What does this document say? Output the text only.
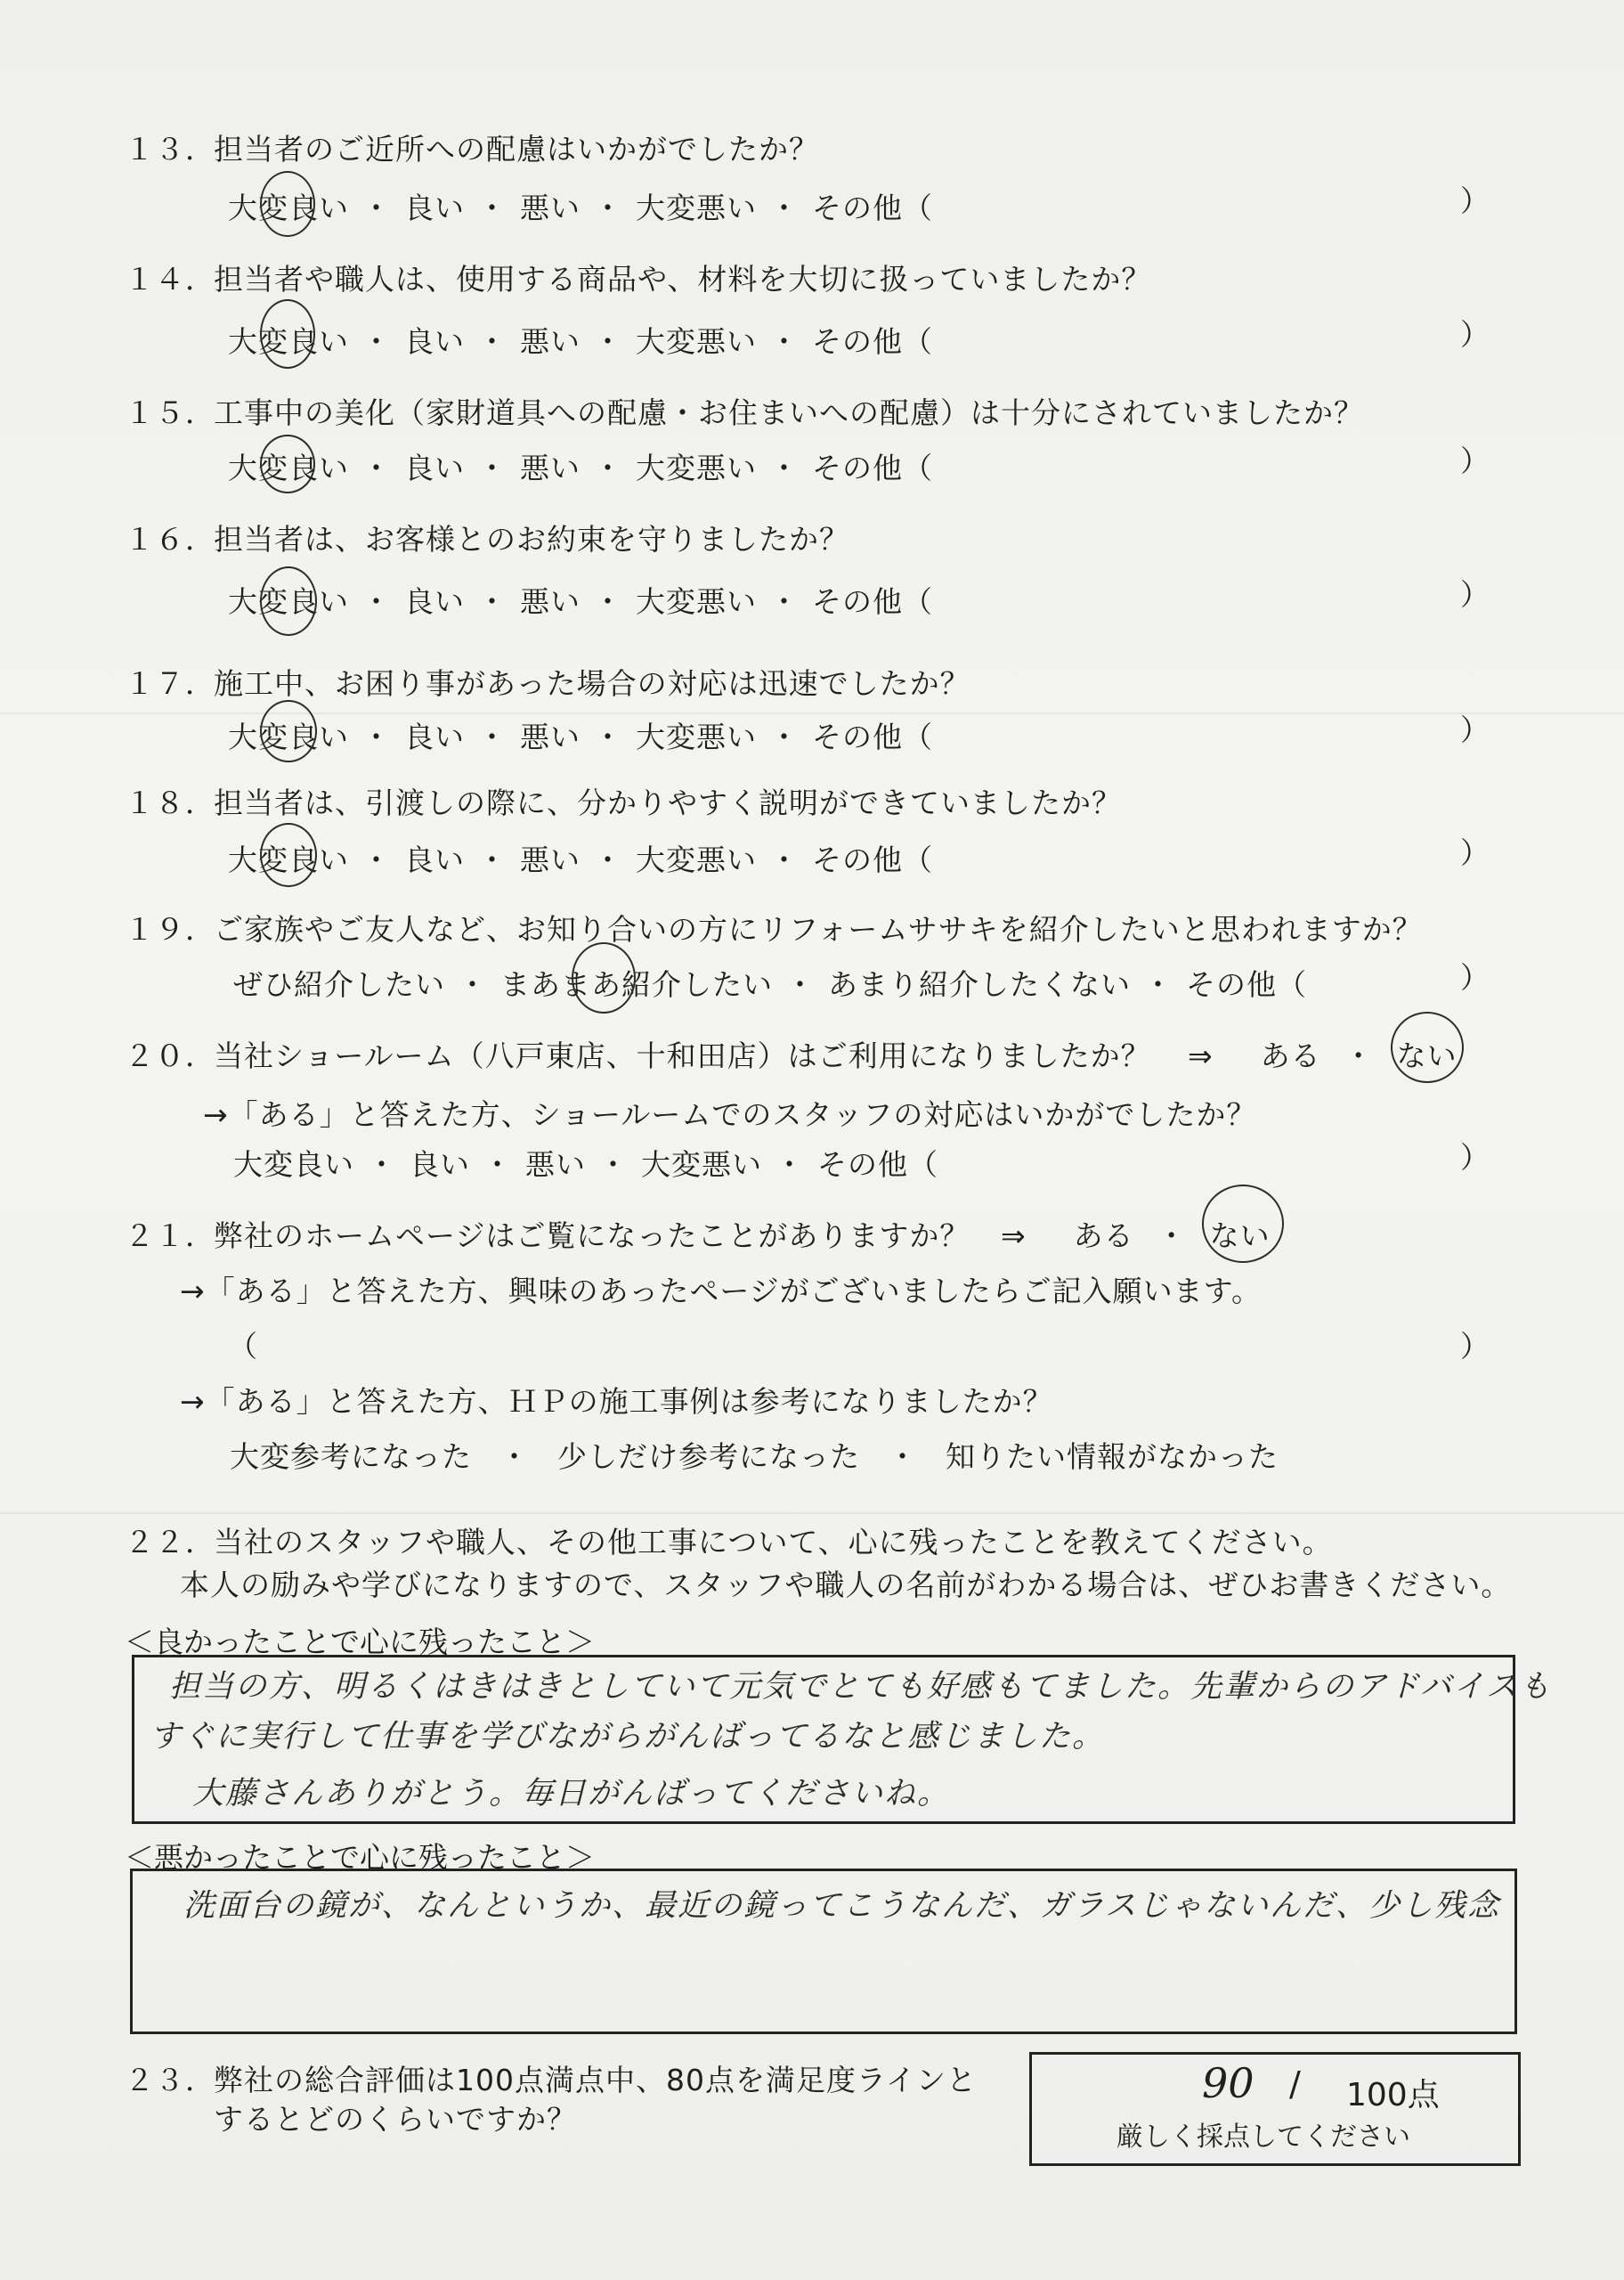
１３．担当者のご近所への配慮はいかがでしたか？
大変良い ・ 良い ・ 悪い ・ 大変悪い ・ その他（	）
１４．担当者や職人は、使用する商品や、材料を大切に扱っていましたか？
大変良い ・ 良い ・ 悪い ・ 大変悪い ・ その他（	）
１５．工事中の美化（家財道具への配慮・お住まいへの配慮）は十分にされていましたか？
大変良い ・ 良い ・ 悪い ・ 大変悪い ・ その他（	）
１６．担当者は、お客様とのお約束を守りましたか？
大変良い ・ 良い ・ 悪い ・ 大変悪い ・ その他（	）
１７．施工中、お困り事があった場合の対応は迅速でしたか？
大変良い ・ 良い ・ 悪い ・ 大変悪い ・ その他（	）
１８．担当者は、引渡しの際に、分かりやすく説明ができていましたか？
大変良い ・ 良い ・ 悪い ・ 大変悪い ・ その他（	）
１９．ご家族やご友人など、お知り合いの方にリフォームササキを紹介したいと思われますか？
ぜひ紹介したい ・ まあまあ紹介したい ・ あまり紹介したくない ・ その他（	）
２０．当社ショールーム（八戸東店、十和田店）はご利用になりましたか？ ⇒ ある ・ ない
→「ある」と答えた方、ショールームでのスタッフの対応はいかがでしたか？
大変良い ・ 良い ・ 悪い ・ 大変悪い ・ その他（	）
２１．弊社のホームページはご覧になったことがありますか？ ⇒ ある ・ ない
→「ある」と答えた方、興味のあったページがございましたらご記入願います。
（	）
→「ある」と答えた方、ＨＰの施工事例は参考になりましたか？
大変参考になった ・ 少しだけ参考になった ・ 知りたい情報がなかった
２２．当社のスタッフや職人、その他工事について、心に残ったことを教えてください。
本人の励みや学びになりますので、スタッフや職人の名前がわかる場合は、ぜひお書きください。
＜良かったことで心に残ったこと＞
担当の方、明るくはきはきとしていて元気でとても好感もてました。先輩からのアドバイスも
すぐに実行して仕事を学びながらがんばってるなと感じました。
大藤さんありがとう。毎日がんばってくださいね。
＜悪かったことで心に残ったこと＞
洗面台の鏡が、なんというか、最近の鏡ってこうなんだ、ガラスじゃないんだ、少し残念
２３．弊社の総合評価は100点満点中、80点を満足度ラインと
するとどのくらいですか？
90 / 100点
厳しく採点してください
